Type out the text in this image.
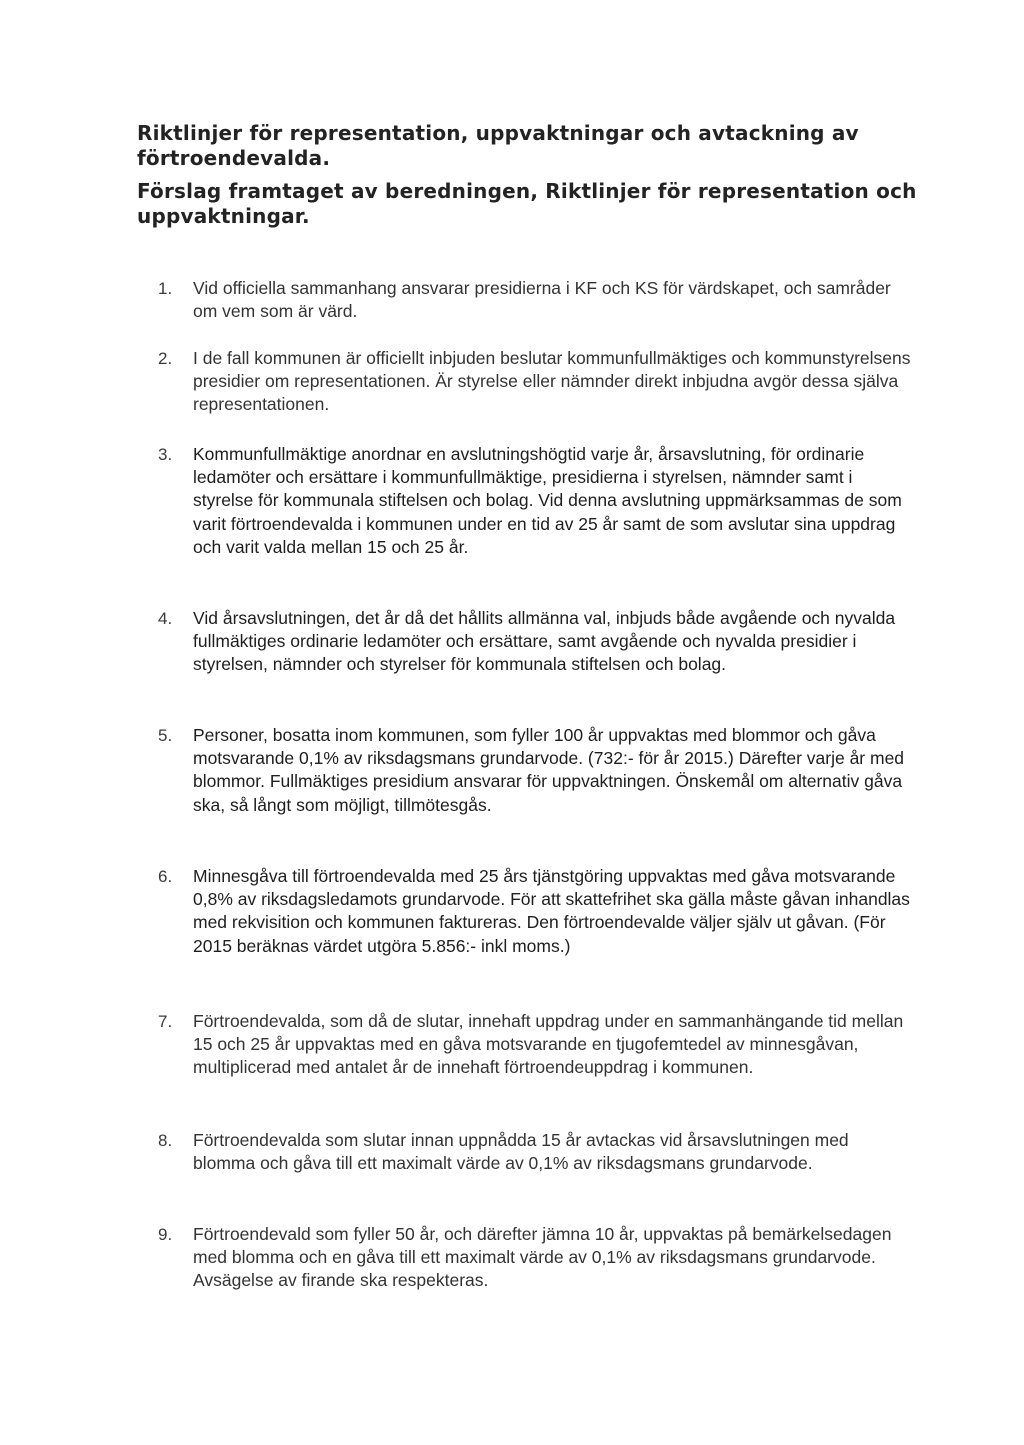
Riktlinjer för representation, uppvaktningar och avtackning av förtroendevalda.
Förslag framtaget av beredningen, Riktlinjer för representation och uppvaktningar.
1.	Vid officiella sammanhang ansvarar presidierna i KF och KS för värdskapet, och samråder om vem som är värd.

2.	I de fall kommunen är officiellt inbjuden beslutar kommunfullmäktiges och kommunstyrelsens presidier om representationen. Är styrelse eller nämnder direkt inbjudna avgör dessa själva representationen.

3.	Kommunfullmäktige anordnar en avslutningshögtid varje år, årsavslutning, för ordinarie ledamöter och ersättare i kommunfullmäktige, presidierna i styrelsen, nämnder samt i styrelse för kommunala stiftelsen och bolag. Vid denna avslutning uppmärksammas de som varit förtroendevalda i kommunen under en tid av 25 år samt de som avslutar sina uppdrag och varit valda mellan 15 och 25 år.

4.	Vid årsavslutningen, det år då det hållits allmänna val, inbjuds både avgående och nyvalda fullmäktiges ordinarie ledamöter och ersättare, samt avgående och nyvalda presidier i styrelsen, nämnder och styrelser för kommunala stiftelsen och bolag.

5.	Personer, bosatta inom kommunen, som fyller 100 år uppvaktas med blommor och gåva motsvarande 0,1% av riksdagsmans grundarvode. (732:- för år 2015.) Därefter varje år med blommor. Fullmäktiges presidium ansvarar för uppvaktningen. Önskemål om alternativ gåva ska, så långt som möjligt, tillmötesgås.

6.	Minnesgåva till förtroendevalda med 25 års tjänstgöring uppvaktas med gåva motsvarande 0,8% av riksdagsledamots grundarvode. För att skattefrihet ska gälla måste gåvan inhandlas med rekvisition och kommunen faktureras. Den förtroendevalde väljer själv ut gåvan. (För 2015 beräknas värdet utgöra 5.856:- inkl moms.)

7.	Förtroendevalda, som då de slutar, innehaft uppdrag under en sammanhängande tid mellan 15 och 25 år uppvaktas med en gåva motsvarande en tjugofemtedel av minnesgåvan, multiplicerad med antalet år de innehaft förtroendeuppdrag i kommunen.

8.	Förtroendevalda som slutar innan uppnådda 15 år avtackas vid årsavslutningen med blomma och gåva till ett maximalt värde av 0,1% av riksdagsmans grundarvode.

9.	Förtroendevald som fyller 50 år, och därefter jämna 10 år, uppvaktas på bemärkelsedagen med blomma och en gåva till ett maximalt värde av 0,1% av riksdagsmans grundarvode. Avsägelse av firande ska respekteras.
